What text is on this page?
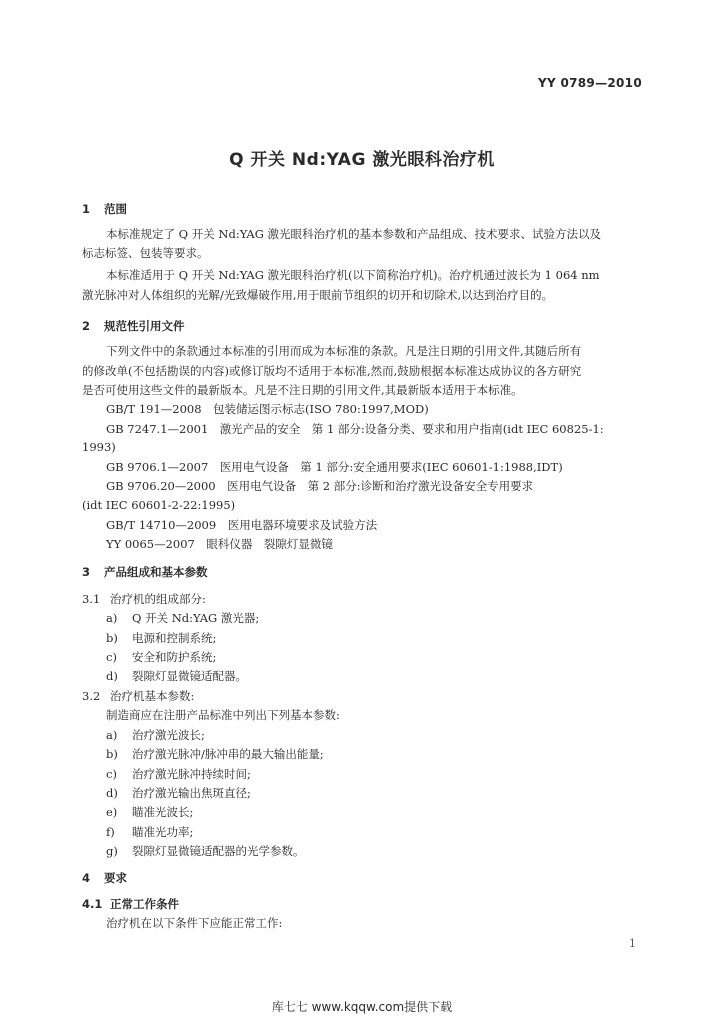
YY 0789—2010
Q 开关 Nd:YAG 激光眼科治疗机
1 范围
本标准规定了 Q 开关 Nd:YAG 激光眼科治疗机的基本参数和产品组成、技术要求、试验方法以及
标志标签、包装等要求。
本标准适用于 Q 开关 Nd:YAG 激光眼科治疗机(以下简称治疗机)。治疗机通过波长为 1 064 nm
激光脉冲对人体组织的光解/光致爆破作用,用于眼前节组织的切开和切除术,以达到治疗目的。
2 规范性引用文件
下列文件中的条款通过本标准的引用而成为本标准的条款。凡是注日期的引用文件,其随后所有
的修改单(不包括勘误的内容)或修订版均不适用于本标准,然而,鼓励根据本标准达成协议的各方研究
是否可使用这些文件的最新版本。凡是不注日期的引用文件,其最新版本适用于本标准。
GB/T 191—2008　包装储运图示标志(ISO 780:1997,MOD)
GB 7247.1—2001　激光产品的安全　第 1 部分:设备分类、要求和用户指南(idt IEC 60825-1:
1993)
GB 9706.1—2007　医用电气设备　第 1 部分:安全通用要求(IEC 60601-1:1988,IDT)
GB 9706.20—2000　医用电气设备　第 2 部分:诊断和治疗激光设备安全专用要求
(idt IEC 60601-2-22:1995)
GB/T 14710—2009　医用电器环境要求及试验方法
YY 0065—2007　眼科仪器　裂隙灯显微镜
3 产品组成和基本参数
3.1 治疗机的组成部分:
a) Q 开关 Nd:YAG 激光器;
b) 电源和控制系统;
c) 安全和防护系统;
d) 裂隙灯显微镜适配器。
3.2 治疗机基本参数:
制造商应在注册产品标准中列出下列基本参数:
a) 治疗激光波长;
b) 治疗激光脉冲/脉冲串的最大输出能量;
c) 治疗激光脉冲持续时间;
d) 治疗激光输出焦斑直径;
e) 瞄准光波长;
f) 瞄准光功率;
g) 裂隙灯显微镜适配器的光学参数。
4 要求
4.1 正常工作条件
治疗机在以下条件下应能正常工作:
1
库七七 www.kqqw.com提供下载
